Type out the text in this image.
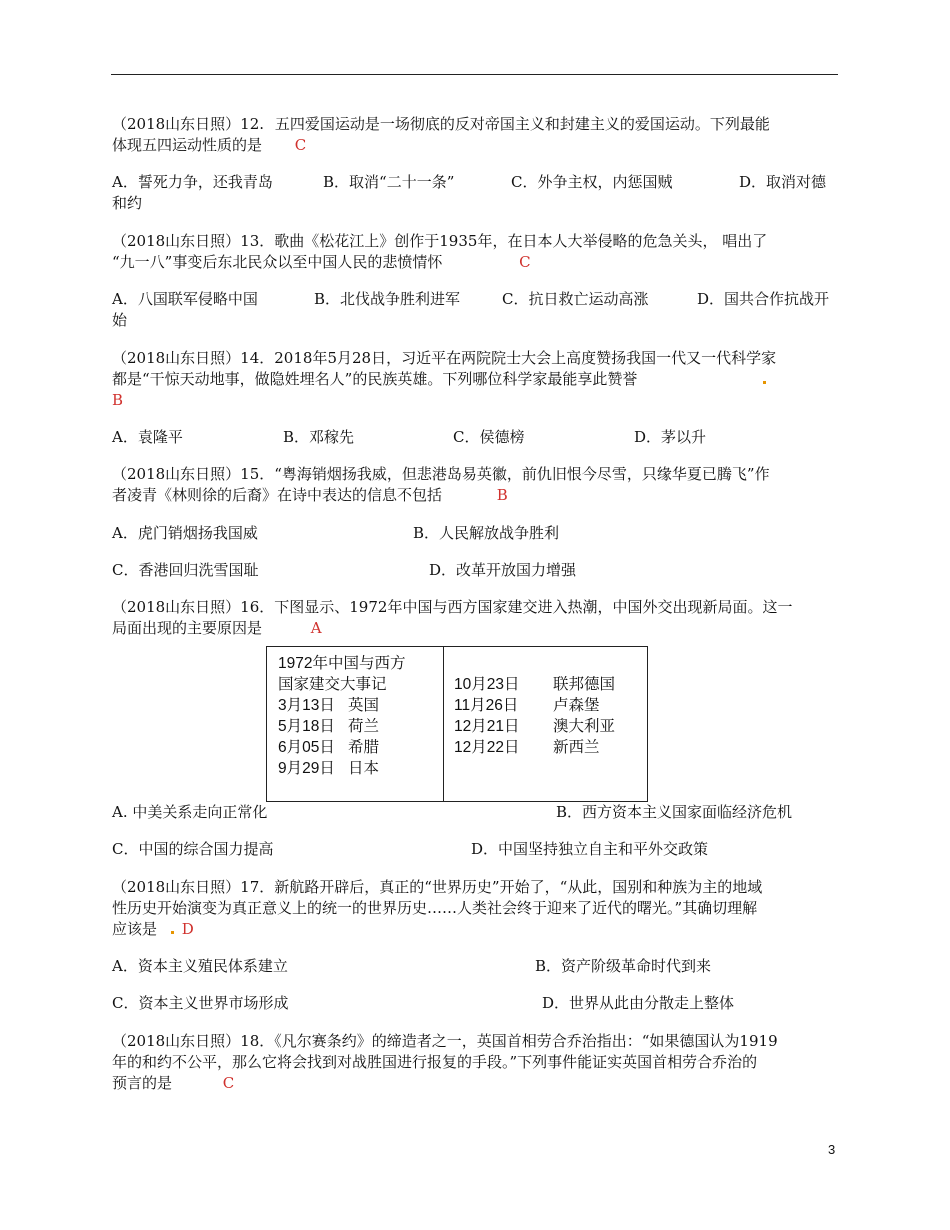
（2018山东日照）12. 五四爱国运动是一场彻底的反对帝国主义和封建主义的爱国运动。下列最能
体现五四运动性质的是 C
A．誓死力争，还我青岛	B．取消“二十一条”	C．外争主权，内惩国贼	D．取消对德
和约
（2018山东日照）13．歌曲《松花江上》创作于1935年，在日本人大举侵略的危急关头， 唱出了
“九一八”事变后东北民众以至中国人民的悲愤情怀	C
A．八国联军侵略中国	B．北伐战争胜利进军	C．抗日救亡运动高涨	D．国共合作抗战开
始
（2018山东日照）14．2018年5月28日，习近平在两院院士大会上高度赞扬我国一代又一代科学家
都是“干惊天动地事，做隐姓埋名人”的民族英雄。下列哪位科学家最能享此赞誉
B
A．袁隆平	B．邓稼先	C．侯德榜	D．茅以升
（2018山东日照）15．“粤海销烟扬我威，但悲港岛易英徽，前仇旧恨今尽雪，只缘华夏已腾飞”作
者凌青《林则徐的后裔》在诗中表达的信息不包括	B
A．虎门销烟扬我国威	B．人民解放战争胜利
C．香港回归洗雪国耻	D．改革开放国力增强
（2018山东日照）16．下图显示、1972年中国与西方国家建交进入热潮，中国外交出现新局面。这一
局面出现的主要原因是	A
1972年中国与西方
国家建交大事记
3月13日 英国
5月18日 荷兰
6月05日 希腊
9月29日 日本
10月23日 联邦德国
11月26日 卢森堡
12月21日 澳大利亚
12月22日 新西兰
A. 中美关系走向正常化	B．西方资本主义国家面临经济危机
C．中国的综合国力提高	D．中国坚持独立自主和平外交政策
（2018山东日照）17．新航路开辟后，真正的“世界历史”开始了，“从此，国别和种族为主的地域
性历史开始演变为真正意义上的统一的世界历史……人类社会终于迎来了近代的曙光。”其确切理解
应该是 D
A．资本主义殖民体系建立	B．资产阶级革命时代到来
C．资本主义世界市场形成	D．世界从此由分散走上整体
（2018山东日照）18．《凡尔赛条约》的缔造者之一，英国首相劳合乔治指出：“如果德国认为1919
年的和约不公平，那么它将会找到对战胜国进行报复的手段。”下列事件能证实英国首相劳合乔治的
预言的是	C
3
